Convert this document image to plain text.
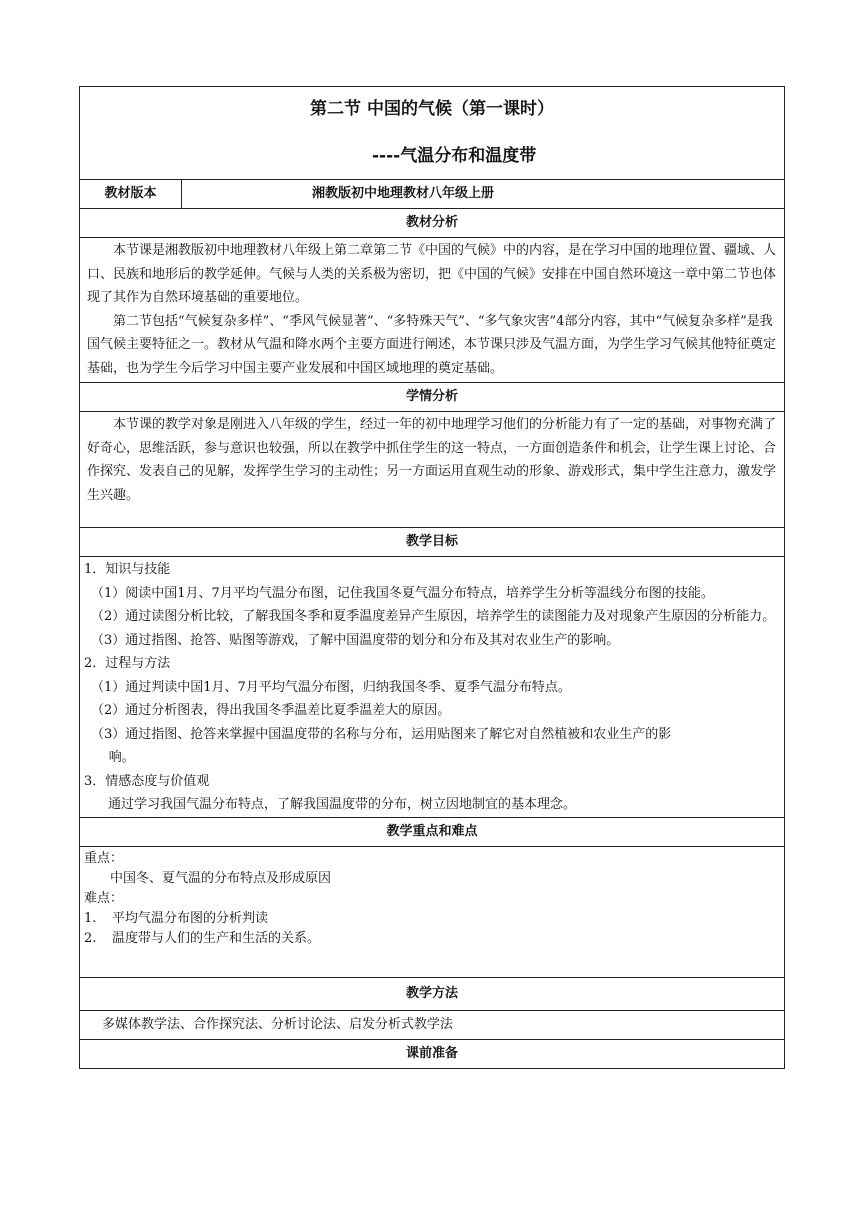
第二节 中国的气候（第一课时）
----气温分布和温度带

教材版本	湘教版初中地理教材八年级上册
教材分析

本节课是湘教版初中地理教材八年级上第二章第二节《中国的气候》中的内容，是在学习中国的地理位置、疆域、人口、民族和地形后的教学延伸。气候与人类的关系极为密切，把《中国的气候》安排在中国自然环境这一章中第二节也体现了其作为自然环境基础的重要地位。

第二节包括“气候复杂多样”、“季风气候显著”、“多特殊天气”、“多气象灾害”4部分内容，其中“气候复杂多样”是我国气候主要特征之一。教材从气温和降水两个主要方面进行阐述，本节课只涉及气温方面，为学生学习气候其他特征奠定基础，也为学生今后学习中国主要产业发展和中国区域地理的奠定基础。

学情分析

本节课的教学对象是刚进入八年级的学生，经过一年的初中地理学习他们的分析能力有了一定的基础，对事物充满了好奇心，思维活跃，参与意识也较强，所以在教学中抓住学生的这一特点，一方面创造条件和机会，让学生课上讨论、合作探究、发表自己的见解，发挥学生学习的主动性；另一方面运用直观生动的形象、游戏形式，集中学生注意力，激发学生兴趣。

教学目标

1．知识与技能

（1）阅读中国1月、7月平均气温分布图，记住我国冬夏气温分布特点，培养学生分析等温线分布图的技能。

（2）通过读图分析比较，了解我国冬季和夏季温度差异产生原因，培养学生的读图能力及对现象产生原因的分析能力。

（3）通过指图、抢答、贴图等游戏，了解中国温度带的划分和分布及其对农业生产的影响。

2．过程与方法

（1）通过判读中国1月、7月平均气温分布图，归纳我国冬季、夏季气温分布特点。

（2）通过分析图表，得出我国冬季温差比夏季温差大的原因。

（3）通过指图、抢答来掌握中国温度带的名称与分布，运用贴图来了解它对自然植被和农业生产的影

响。

3．情感态度与价值观

通过学习我国气温分布特点，了解我国温度带的分布，树立因地制宜的基本理念。

教学重点和难点

重点：

中国冬、夏气温的分布特点及形成原因

难点：

1.	平均气温分布图的分析判读

2.	温度带与人们的生产和生活的关系。

教学方法
多媒体教学法、合作探究法、分析讨论法、启发分析式教学法
课前准备
